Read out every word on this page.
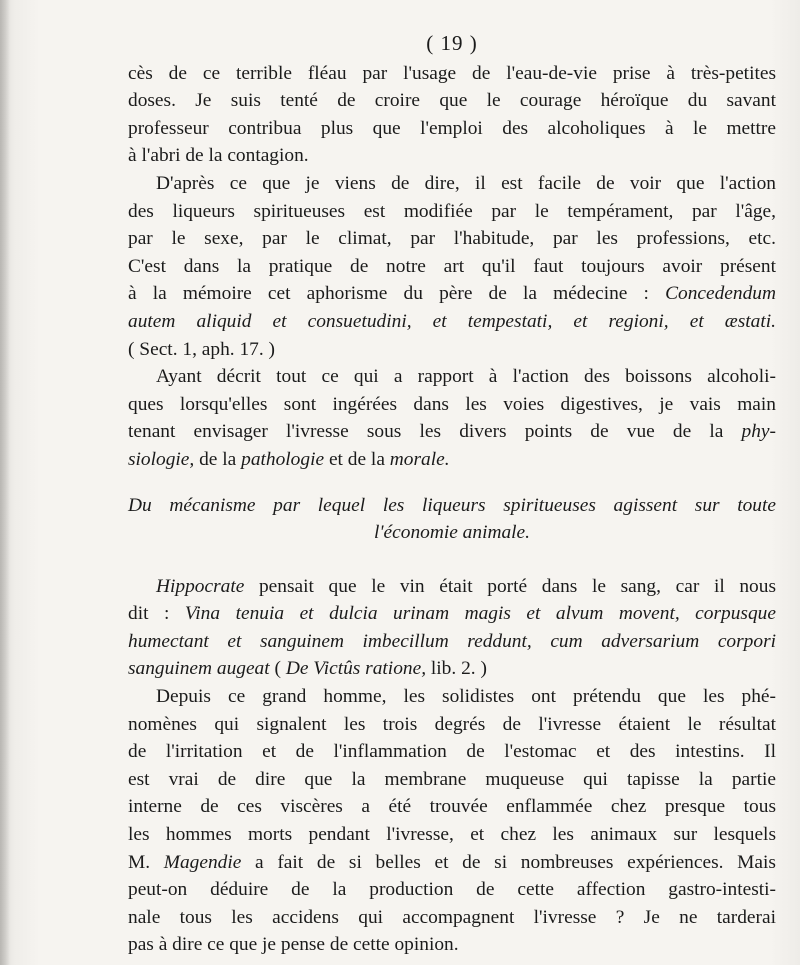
( 19 )

cès de ce terrible fléau par l'usage de l'eau-de-vie prise à très-petites
doses. Je suis tenté de croire que le courage héroïque du savant
professeur contribua plus que l'emploi des alcoholiques à le mettre
à l'abri de la contagion.

D'après ce que je viens de dire, il est facile de voir que l'action
des liqueurs spiritueuses est modifiée par le tempérament, par l'âge,
par le sexe, par le climat, par l'habitude, par les professions, etc.
C'est dans la pratique de notre art qu'il faut toujours avoir présent
à la mémoire cet aphorisme du père de la médecine : Concedendum
autem aliquid et consuetudini, et tempestati, et regioni, et æstati.
( Sect. 1, aph. 17. )

Ayant décrit tout ce qui a rapport à l'action des boissons alcoholi-
ques lorsqu'elles sont ingérées dans les voies digestives, je vais main
tenant envisager l'ivresse sous les divers points de vue de la phy-
siologie, de la pathologie et de la morale.

Du mécanisme par lequel les liqueurs spiritueuses agissent sur toute
l'économie animale.

Hippocrate pensait que le vin était porté dans le sang, car il nous
dit : Vina tenuia et dulcia urinam magis et alvum movent, corpusque
humectant et sanguinem imbecillum reddunt, cum adversarium corpori
sanguinem augeat ( De Victûs ratione, lib. 2. )

Depuis ce grand homme, les solidistes ont prétendu que les phé-
nomènes qui signalent les trois degrés de l'ivresse étaient le résultat
de l'irritation et de l'inflammation de l'estomac et des intestins. Il
est vrai de dire que la membrane muqueuse qui tapisse la partie
interne de ces viscères a été trouvée enflammée chez presque tous
les hommes morts pendant l'ivresse, et chez les animaux sur lesquels
M. Magendie a fait de si belles et de si nombreuses expériences. Mais
peut-on déduire de la production de cette affection gastro-intesti-
nale tous les accidens qui accompagnent l'ivresse ? Je ne tarderai
pas à dire ce que je pense de cette opinion.
